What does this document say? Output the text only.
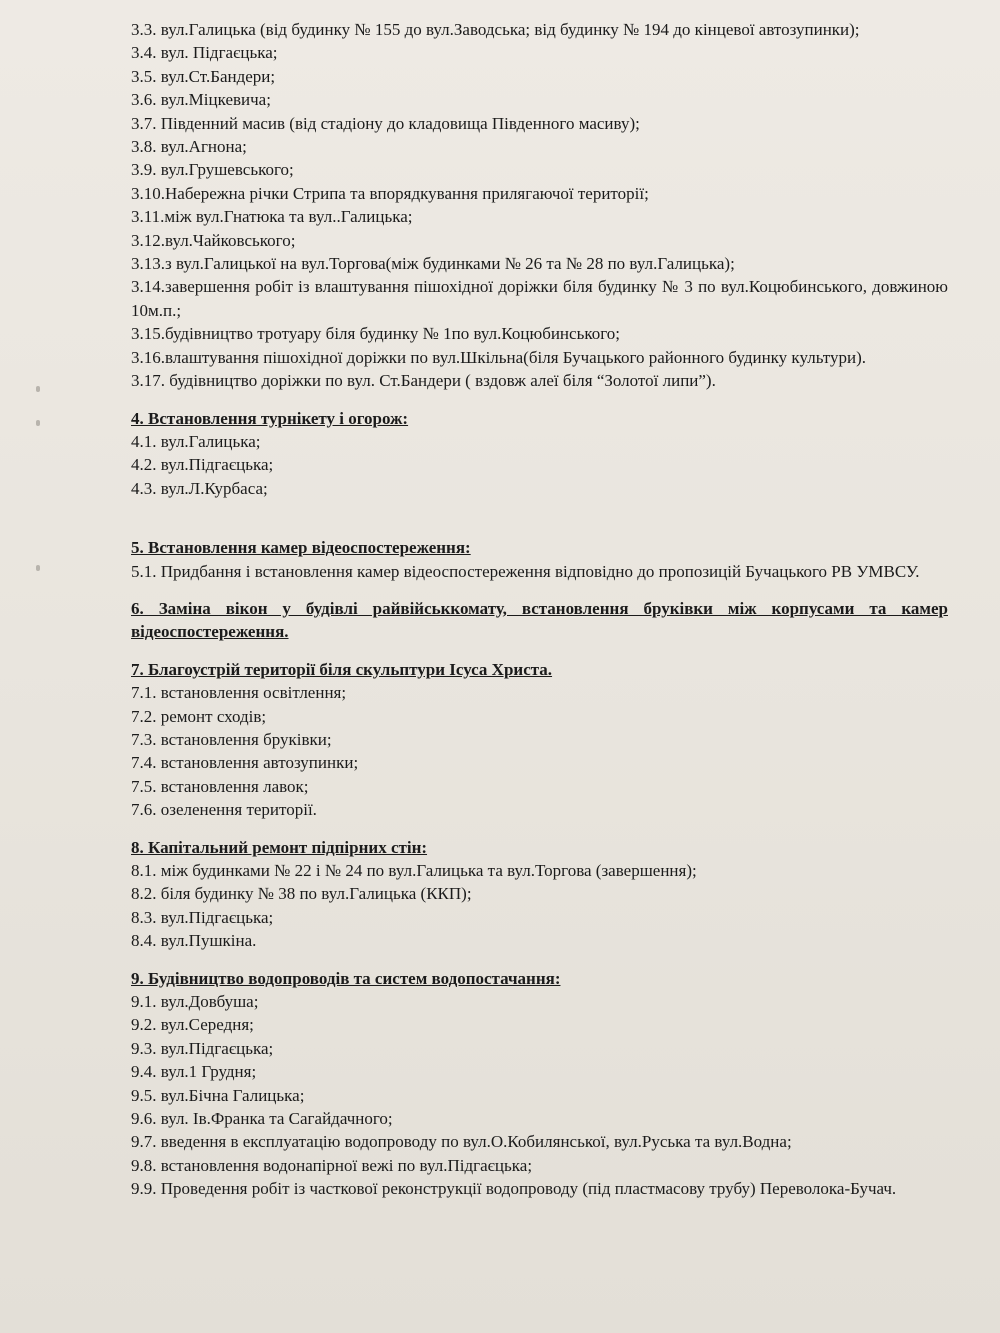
3.3. вул.Галицька (від будинку № 155 до вул.Заводська; від будинку № 194 до кінцевої автозупинки);
3.4. вул. Підгаєцька;
3.5. вул.Ст.Бандери;
3.6. вул.Міцкевича;
3.7. Південний масив (від стадіону до кладовища Південного масиву);
3.8. вул.Агнона;
3.9. вул.Грушевського;
3.10.Набережна річки Стрипа та впорядкування прилягаючої території;
3.11.між вул.Гнатюка та вул..Галицька;
3.12.вул.Чайковського;
3.13.з вул.Галицької на вул.Торгова(між будинками № 26 та № 28 по вул.Галицька);
3.14.завершення робіт із влаштування пішохідної доріжки біля будинку № 3 по вул.Коцюбинського, довжиною 10м.п.;
3.15.будівництво тротуару біля будинку № 1по вул.Коцюбинського;
3.16.влаштування пішохідної доріжки по вул.Шкільна(біля Бучацького районного будинку культури).
3.17. будівництво доріжки по вул. Ст.Бандери ( вздовж алеї біля “Золотої липи”).
4. Встановлення турнікету і огорож:
4.1. вул.Галицька;
4.2. вул.Підгаєцька;
4.3. вул.Л.Курбаса;
5. Встановлення камер відеоспостереження:
5.1. Придбання і встановлення камер відеоспостереження відповідно до пропозицій Бучацького РВ УМВСУ.
6. Заміна вікон у будівлі райвійськкомату, встановлення бруківки між корпусами та камер відеоспостереження.
7. Благоустрій території біля скульптури Ісуса Христа.
7.1. встановлення освітлення;
7.2. ремонт сходів;
7.3. встановлення бруківки;
7.4. встановлення автозупинки;
7.5. встановлення лавок;
7.6. озеленення території.
8. Капітальний ремонт підпірних стін:
8.1. між будинками № 22 і № 24 по вул.Галицька та вул.Торгова (завершення);
8.2. біля будинку № 38 по вул.Галицька (ККП);
8.3. вул.Підгаєцька;
8.4. вул.Пушкіна.
9. Будівництво водопроводів та систем водопостачання:
9.1. вул.Довбуша;
9.2. вул.Середня;
9.3. вул.Підгаєцька;
9.4. вул.1 Грудня;
9.5. вул.Бічна Галицька;
9.6. вул. Ів.Франка та Сагайдачного;
9.7. введення в експлуатацію водопроводу по вул.О.Кобилянської, вул.Руська та вул.Водна;
9.8. встановлення водонапірної вежі по вул.Підгаєцька;
9.9. Проведення робіт із часткової реконструкції водопроводу (під пластмасову трубу) Переволока-Бучач.
